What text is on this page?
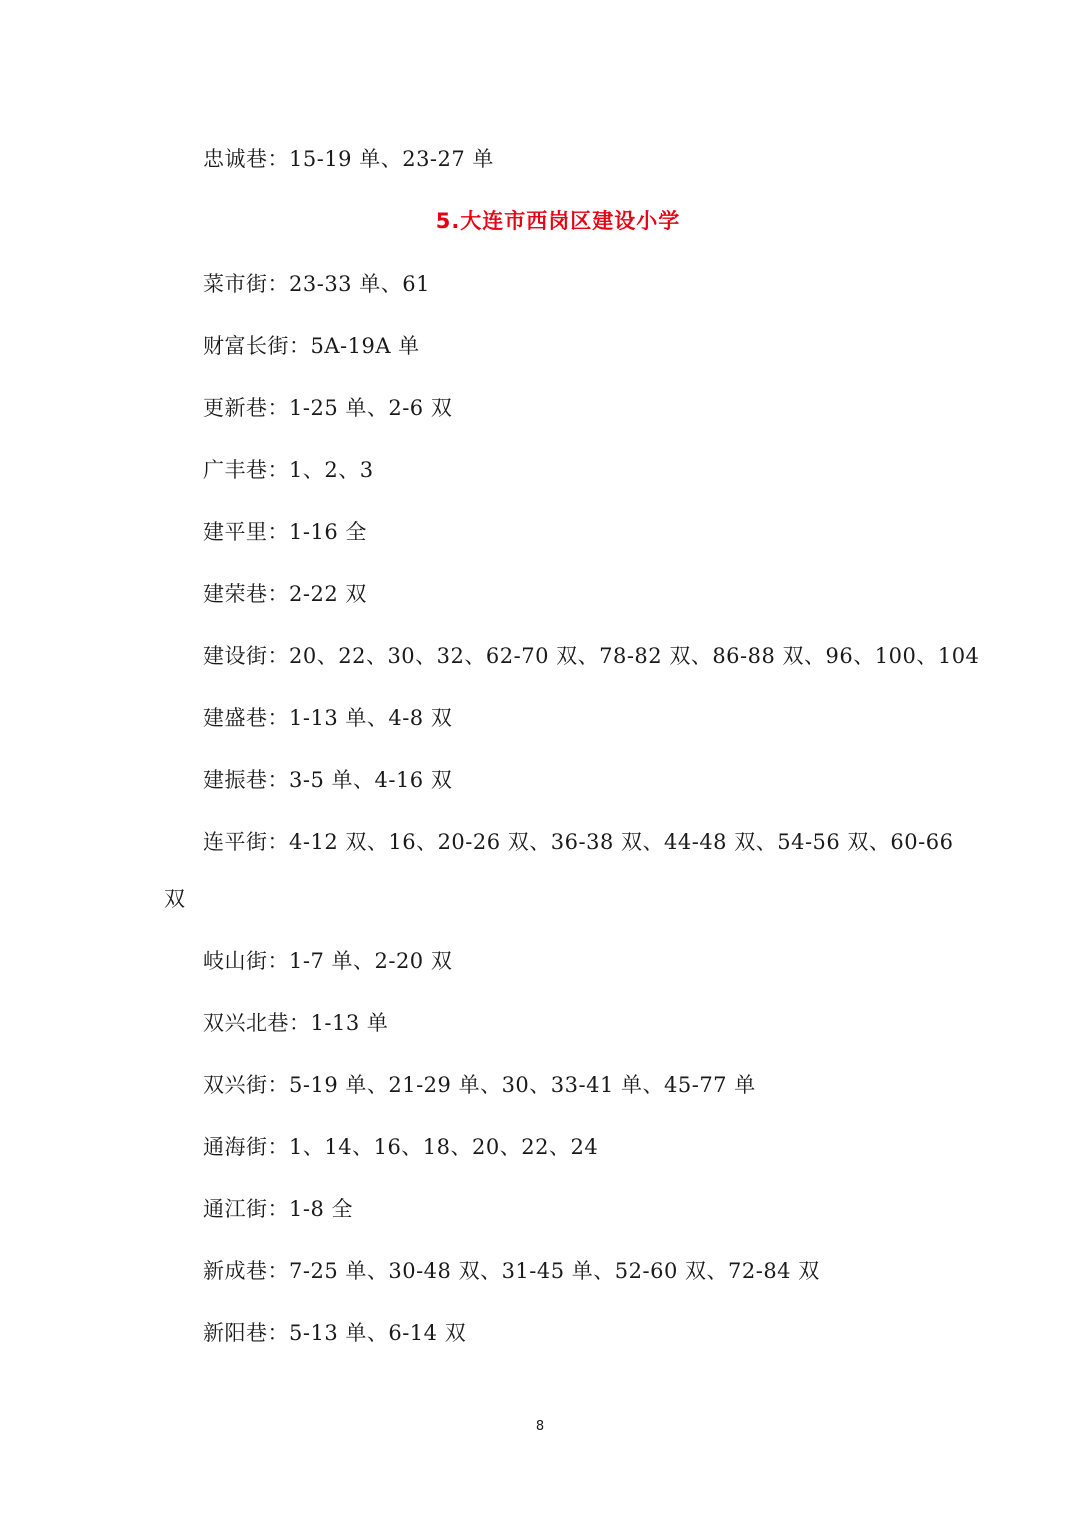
忠诚巷：15-19 单、23-27 单
5.大连市西岗区建设小学
菜市街：23-33 单、61
财富长街：5A-19A 单
更新巷：1-25 单、2-6 双
广丰巷：1、2、3
建平里：1-16 全
建荣巷：2-22 双
建设街：20、22、30、32、62-70 双、78-82 双、86-88 双、96、100、104
建盛巷：1-13 单、4-8 双
建振巷：3-5 单、4-16 双
连平街：4-12 双、16、20-26 双、36-38 双、44-48 双、54-56 双、60-66
双
岐山街：1-7 单、2-20 双
双兴北巷：1-13 单
双兴街：5-19 单、21-29 单、30、33-41 单、45-77 单
通海街：1、14、16、18、20、22、24
通江街：1-8 全
新成巷：7-25 单、30-48 双、31-45 单、52-60 双、72-84 双
新阳巷：5-13 单、6-14 双
8
